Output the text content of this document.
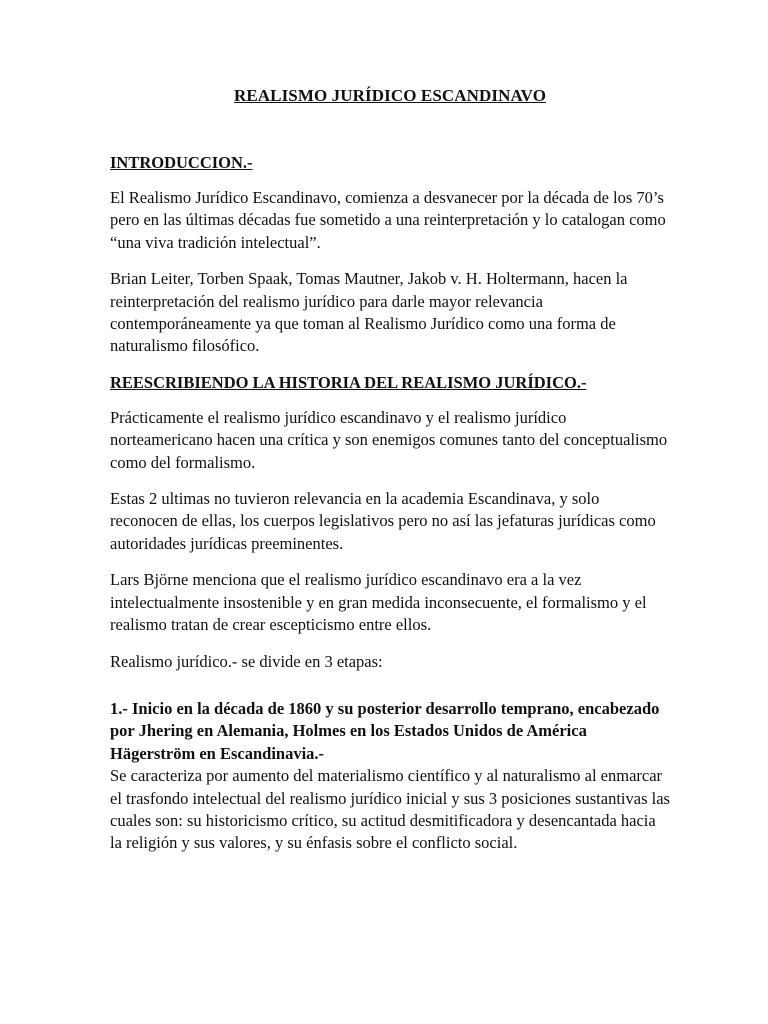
REALISMO JURÍDICO ESCANDINAVO
INTRODUCCION.-

El Realismo Jurídico Escandinavo, comienza a desvanecer por la década de los 70’s pero en las últimas décadas fue sometido a una reinterpretación y lo catalogan como “una viva tradición intelectual”.

Brian Leiter, Torben Spaak, Tomas Mautner, Jakob v. H. Holtermann, hacen la reinterpretación del realismo jurídico para darle mayor relevancia contemporáneamente ya que toman al Realismo Jurídico como una forma de naturalismo filosófico.

REESCRIBIENDO LA HISTORIA DEL REALISMO JURÍDICO.-

Prácticamente el realismo jurídico escandinavo y el realismo jurídico norteamericano hacen una crítica y son enemigos comunes tanto del conceptualismo como del formalismo.

Estas 2 ultimas no tuvieron relevancia en la academia Escandinava, y solo reconocen de ellas, los cuerpos legislativos pero no así las jefaturas jurídicas como autoridades jurídicas preeminentes.

Lars Björne menciona que el realismo jurídico escandinavo era a la vez intelectualmente insostenible y en gran medida inconsecuente, el formalismo y el realismo tratan de crear escepticismo entre ellos.

Realismo jurídico.- se divide en 3 etapas:

1.- Inicio en la década de 1860 y su posterior desarrollo temprano, encabezado por Jhering en Alemania, Holmes en los Estados Unidos de América Hägerström en Escandinavia.-

Se caracteriza por aumento del materialismo científico y al naturalismo al enmarcar el trasfondo intelectual del realismo jurídico inicial y sus 3 posiciones sustantivas las cuales son: su historicismo crítico, su actitud desmitificadora y desencantada hacia la religión y sus valores, y su énfasis sobre el conflicto social.
